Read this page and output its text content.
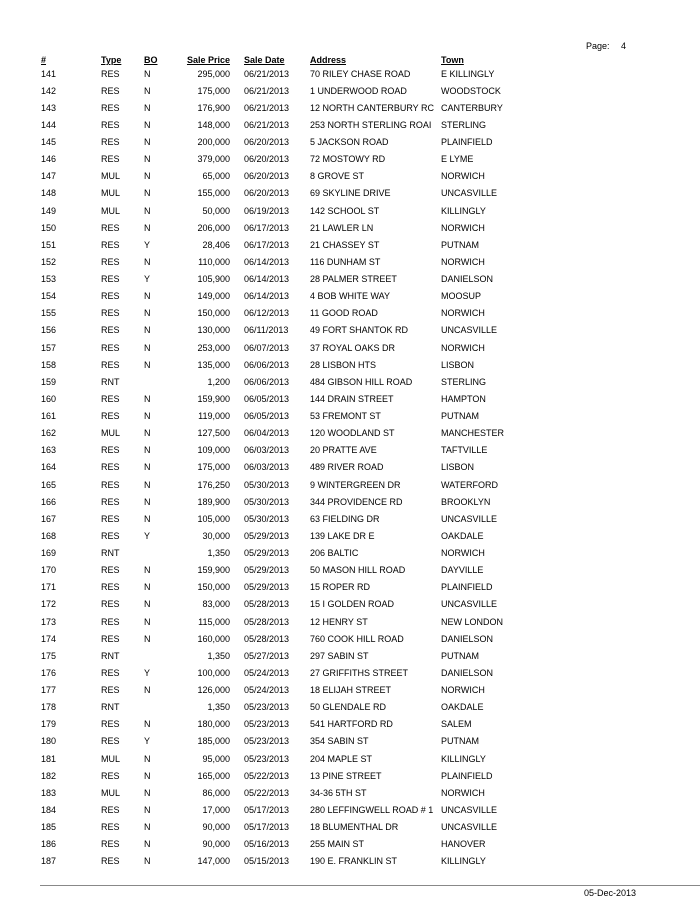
Page: 4
#	Type	BO	Sale Price		Sale Date	Address	Town
141	RES	N	295,000		06/21/2013	70 RILEY CHASE ROAD	E KILLINGLY
142	RES	N	175,000		06/21/2013	1 UNDERWOOD ROAD	WOODSTOCK
143	RES	N	176,900		06/21/2013	12 NORTH CANTERBURY RC	CANTERBURY
144	RES	N	148,000		06/21/2013	253 NORTH STERLING ROAI	STERLING
145	RES	N	200,000		06/20/2013	5 JACKSON ROAD	PLAINFIELD
146	RES	N	379,000		06/20/2013	72 MOSTOWY RD	E LYME
147	MUL	N	65,000		06/20/2013	8 GROVE ST	NORWICH
148	MUL	N	155,000		06/20/2013	69 SKYLINE DRIVE	UNCASVILLE
149	MUL	N	50,000		06/19/2013	142 SCHOOL ST	KILLINGLY
150	RES	N	206,000		06/17/2013	21 LAWLER LN	NORWICH
151	RES	Y	28,406		06/17/2013	21 CHASSEY ST	PUTNAM
152	RES	N	110,000		06/14/2013	116 DUNHAM ST	NORWICH
153	RES	Y	105,900		06/14/2013	28 PALMER STREET	DANIELSON
154	RES	N	149,000		06/14/2013	4 BOB WHITE WAY	MOOSUP
155	RES	N	150,000		06/12/2013	11 GOOD ROAD	NORWICH
156	RES	N	130,000		06/11/2013	49 FORT SHANTOK RD	UNCASVILLE
157	RES	N	253,000		06/07/2013	37 ROYAL OAKS DR	NORWICH
158	RES	N	135,000		06/06/2013	28 LISBON HTS	LISBON
159	RNT		1,200		06/06/2013	484 GIBSON HILL ROAD	STERLING
160	RES	N	159,900		06/05/2013	144 DRAIN STREET	HAMPTON
161	RES	N	119,000		06/05/2013	53 FREMONT ST	PUTNAM
162	MUL	N	127,500		06/04/2013	120 WOODLAND ST	MANCHESTER
163	RES	N	109,000		06/03/2013	20 PRATTE AVE	TAFTVILLE
164	RES	N	175,000		06/03/2013	489 RIVER ROAD	LISBON
165	RES	N	176,250		05/30/2013	9 WINTERGREEN DR	WATERFORD
166	RES	N	189,900		05/30/2013	344 PROVIDENCE RD	BROOKLYN
167	RES	N	105,000		05/30/2013	63 FIELDING DR	UNCASVILLE
168	RES	Y	30,000		05/29/2013	139 LAKE DR E	OAKDALE
169	RNT		1,350		05/29/2013	206 BALTIC	NORWICH
170	RES	N	159,900		05/29/2013	50 MASON HILL ROAD	DAYVILLE
171	RES	N	150,000		05/29/2013	15 ROPER RD	PLAINFIELD
172	RES	N	83,000		05/28/2013	15 I GOLDEN ROAD	UNCASVILLE
173	RES	N	115,000		05/28/2013	12 HENRY ST	NEW LONDON
174	RES	N	160,000		05/28/2013	760 COOK HILL ROAD	DANIELSON
175	RNT		1,350		05/27/2013	297 SABIN ST	PUTNAM
176	RES	Y	100,000		05/24/2013	27 GRIFFITHS STREET	DANIELSON
177	RES	N	126,000		05/24/2013	18 ELIJAH STREET	NORWICH
178	RNT		1,350		05/23/2013	50 GLENDALE RD	OAKDALE
179	RES	N	180,000		05/23/2013	541 HARTFORD RD	SALEM
180	RES	Y	185,000		05/23/2013	354 SABIN ST	PUTNAM
181	MUL	N	95,000		05/23/2013	204 MAPLE ST	KILLINGLY
182	RES	N	165,000		05/22/2013	13 PINE STREET	PLAINFIELD
183	MUL	N	86,000		05/22/2013	34-36 5TH ST	NORWICH
184	RES	N	17,000		05/17/2013	280 LEFFINGWELL ROAD # 1	UNCASVILLE
185	RES	N	90,000		05/17/2013	18 BLUMENTHAL DR	UNCASVILLE
186	RES	N	90,000		05/16/2013	255 MAIN ST	HANOVER
187	RES	N	147,000		05/15/2013	190 E. FRANKLIN ST	KILLINGLY
05-Dec-2013
